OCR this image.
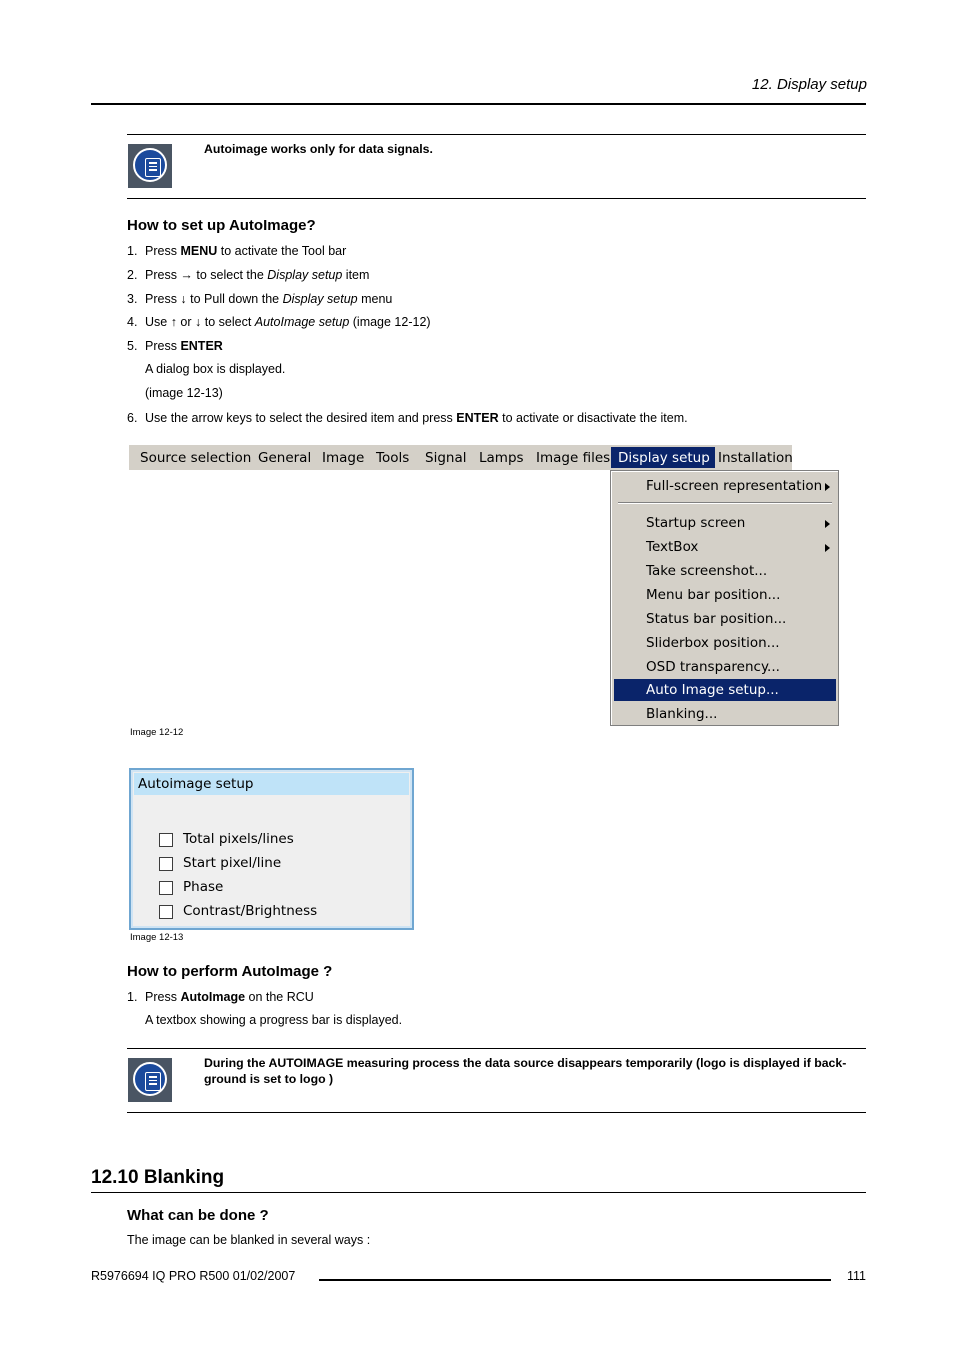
12. Display setup
Autoimage works only for data signals.
How to set up AutoImage?
1. Press MENU to activate the Tool bar
2. Press → to select the Display setup item
3. Press ↓ to Pull down the Display setup menu
4. Use ↑ or ↓ to select AutoImage setup (image 12-12)
5. Press ENTER
A dialog box is displayed.
(image 12-13)
6. Use the arrow keys to select the desired item and press ENTER to activate or disactivate the item.
Source selection General Image Tools Signal Lamps Image files Display setup Installation
Full-screen representation
Startup screen
TextBox
Take screenshot...
Menu bar position...
Status bar position...
Sliderbox position...
OSD transparency...
Auto Image setup...
Blanking...
Image 12-12
Autoimage setup
Total pixels/lines
Start pixel/line
Phase
Contrast/Brightness
Image 12-13
How to perform AutoImage ?
1. Press AutoImage on the RCU
A textbox showing a progress bar is displayed.
During the AUTOIMAGE measuring process the data source disappears temporarily (logo is displayed if back-ground is set to logo )
12.10 Blanking
What can be done ?
The image can be blanked in several ways :
R5976694 IQ PRO R500 01/02/2007	111
